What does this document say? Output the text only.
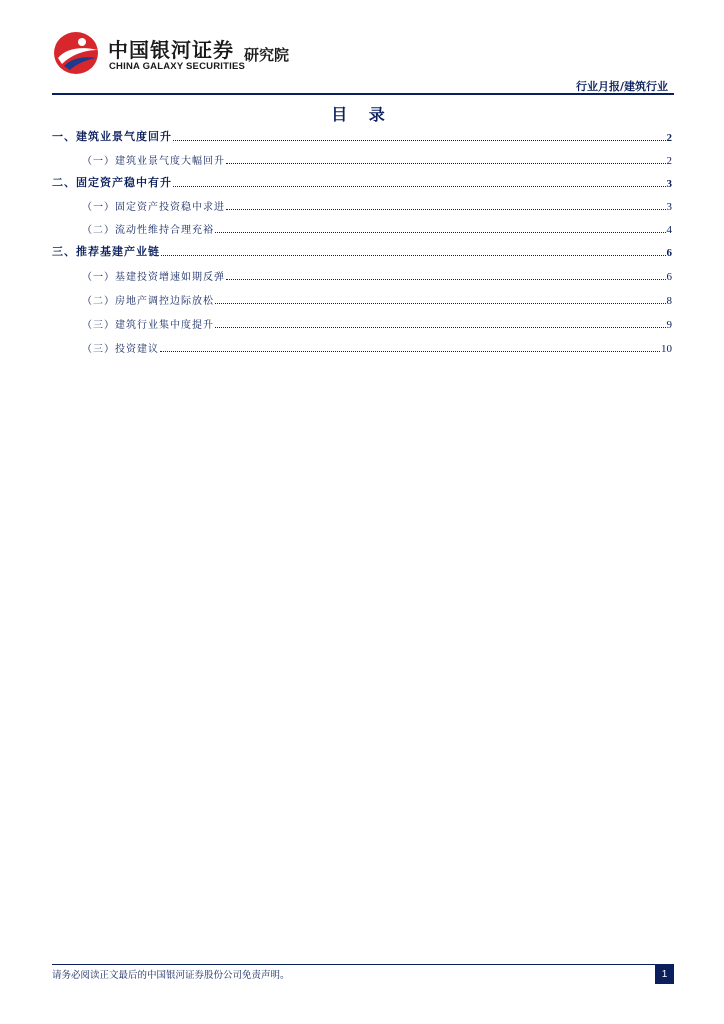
中国银河证券
CHINA GALAXY SECURITIES
研究院
行业月报/建筑行业
目 录
一、建筑业景气度回升	2
（一）建筑业景气度大幅回升	2
二、固定资产稳中有升	3
（一）固定资产投资稳中求进	3
（二）流动性维持合理充裕	4
三、推荐基建产业链	6
（一）基建投资增速如期反弹	6
（二）房地产调控边际放松	8
（三）建筑行业集中度提升	9
（三）投资建议	10
请务必阅读正文最后的中国银河证券股份公司免责声明。	1
